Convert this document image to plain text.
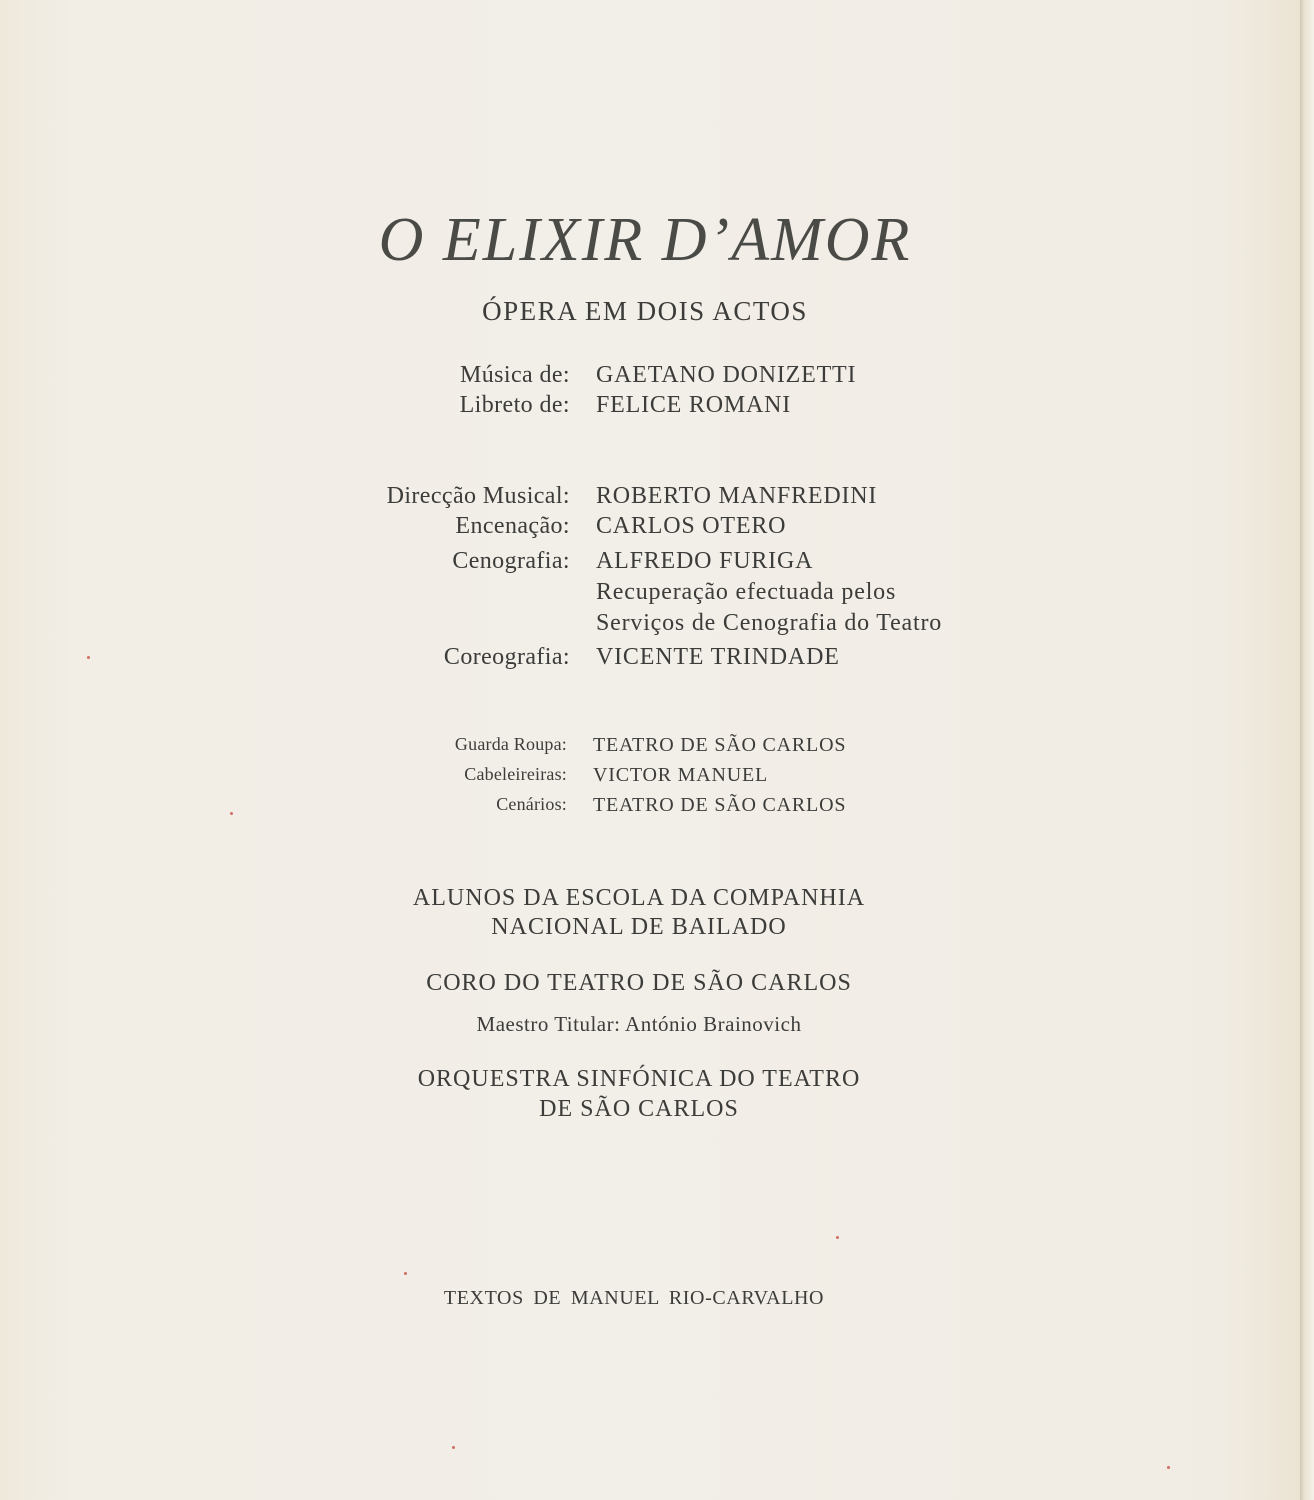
O ELIXIR D’AMOR
ÓPERA EM DOIS ACTOS
Música de: GAETANO DONIZETTI
Libreto de: FELICE ROMANI
Direcção Musical: ROBERTO MANFREDINI
Encenação: CARLOS OTERO
Cenografia: ALFREDO FURIGA
Recuperação efectuada pelos
Serviços de Cenografia do Teatro
Coreografia: VICENTE TRINDADE
Guarda Roupa: TEATRO DE SÃO CARLOS
Cabeleireiras: VICTOR MANUEL
Cenários: TEATRO DE SÃO CARLOS
ALUNOS DA ESCOLA DA COMPANHIA
NACIONAL DE BAILADO
CORO DO TEATRO DE SÃO CARLOS
Maestro Titular: António Brainovich
ORQUESTRA SINFÓNICA DO TEATRO
DE SÃO CARLOS
TEXTOS DE MANUEL RIO-CARVALHO
